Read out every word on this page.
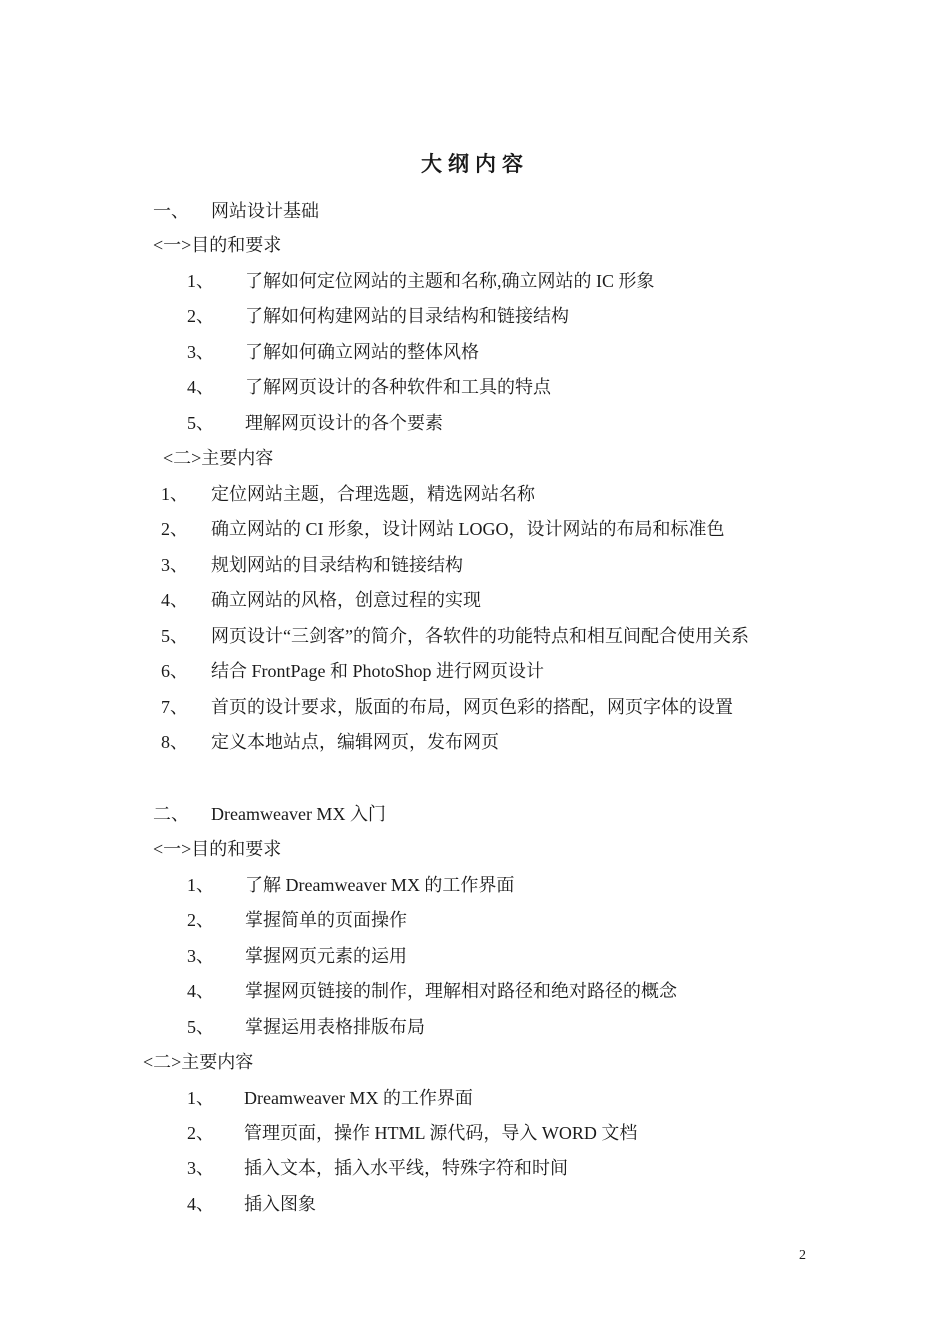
大纲内容
一、 网站设计基础
<一>目的和要求
1、 了解如何定位网站的主题和名称,确立网站的 IC 形象
2、 了解如何构建网站的目录结构和链接结构
3、 了解如何确立网站的整体风格
4、 了解网页设计的各种软件和工具的特点
5、 理解网页设计的各个要素
<二>主要内容
1、 定位网站主题，合理选题，精选网站名称
2、 确立网站的 CI 形象，设计网站 LOGO，设计网站的布局和标准色
3、 规划网站的目录结构和链接结构
4、 确立网站的风格，创意过程的实现
5、 网页设计“三剑客”的简介，各软件的功能特点和相互间配合使用关系
6、 结合 FrontPage 和 PhotoShop 进行网页设计
7、 首页的设计要求，版面的布局，网页色彩的搭配，网页字体的设置
8、 定义本地站点，编辑网页，发布网页
二、 Dreamweaver MX 入门
<一>目的和要求
1、 了解 Dreamweaver MX 的工作界面
2、 掌握简单的页面操作
3、 掌握网页元素的运用
4、 掌握网页链接的制作，理解相对路径和绝对路径的概念
5、 掌握运用表格排版布局
<二>主要内容
1、 Dreamweaver MX 的工作界面
2、 管理页面，操作 HTML 源代码，导入 WORD 文档
3、 插入文本，插入水平线，特殊字符和时间
4、 插入图象
2
